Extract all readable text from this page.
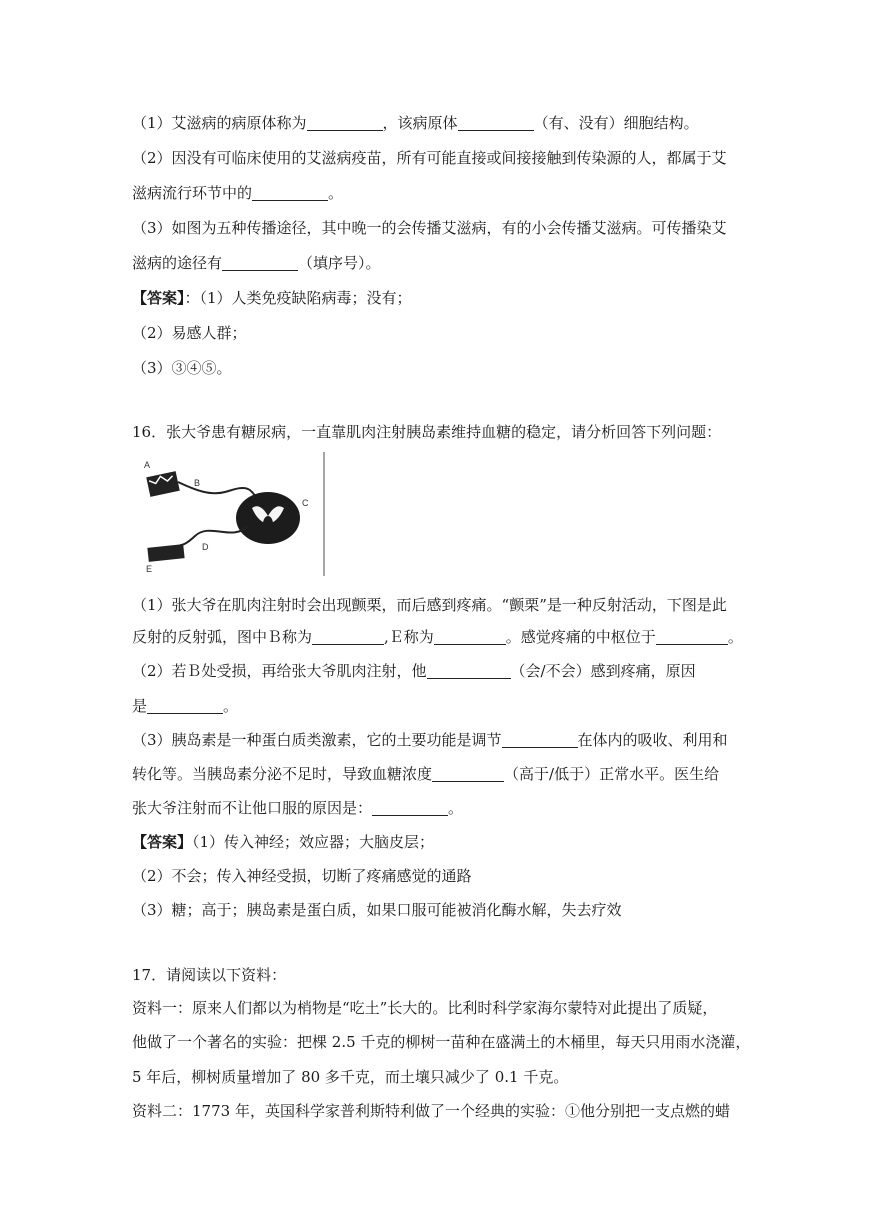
（1）艾滋病的病原体称为	，该病原体	（有、没有）细胞结构。
（2）因没有可临床使用的艾滋病疫苗，所有可能直接或间接接触到传染源的人，都属于艾
滋病流行环节中的	。
（3）如图为五种传播途径，其中晚一的会传播艾滋病，有的小会传播艾滋病。可传播染艾
滋病的途径有	（填序号）。
【答案】：（1）人类免疫缺陷病毒；没有；
（2）易感人群；
（3）③④⑤。
16．张大爷患有糖尿病，一直靠肌肉注射胰岛素维持血糖的稳定，请分析回答下列问题：
A
B
C
D
E
（1）张大爷在肌肉注射时会出现颤栗，而后感到疼痛。“颤栗”是一种反射活动，下图是此
反射的反射弧，图中Ｂ称为	,Ｅ称为	。感觉疼痛的中枢位于	。
（2）若Ｂ处受损，再给张大爷肌肉注射，他	（会/不会）感到疼痛，原因
是	。
（3）胰岛素是一种蛋白质类激素，它的土要功能是调节	在体内的吸收、利用和
转化等。当胰岛素分泌不足时，导致血糖浓度	（高于/低于）正常水平。医生给
张大爷注射而不让他口服的原因是：	。
【答案】（1）传入神经；效应器；大脑皮层；
（2）不会；传入神经受损，切断了疼痛感觉的通路
（3）糖；高于；胰岛素是蛋白质，如果口服可能被消化酶水解，失去疗效
17．请阅读以下资料：
资料一：原来人们都以为梢物是“吃土”长大的。比利时科学家海尔蒙特对此提出了质疑，
他做了一个著名的实验：把棵 2.5 千克的柳树一苗种在盛满土的木桶里，每天只用雨水浇灌，
5 年后，柳树质量增加了 80 多千克，而土壤只减少了 0.1 千克。
资料二：1773 年，英国科学家普利斯特利做了一个经典的实验：①他分别把一支点燃的蜡
